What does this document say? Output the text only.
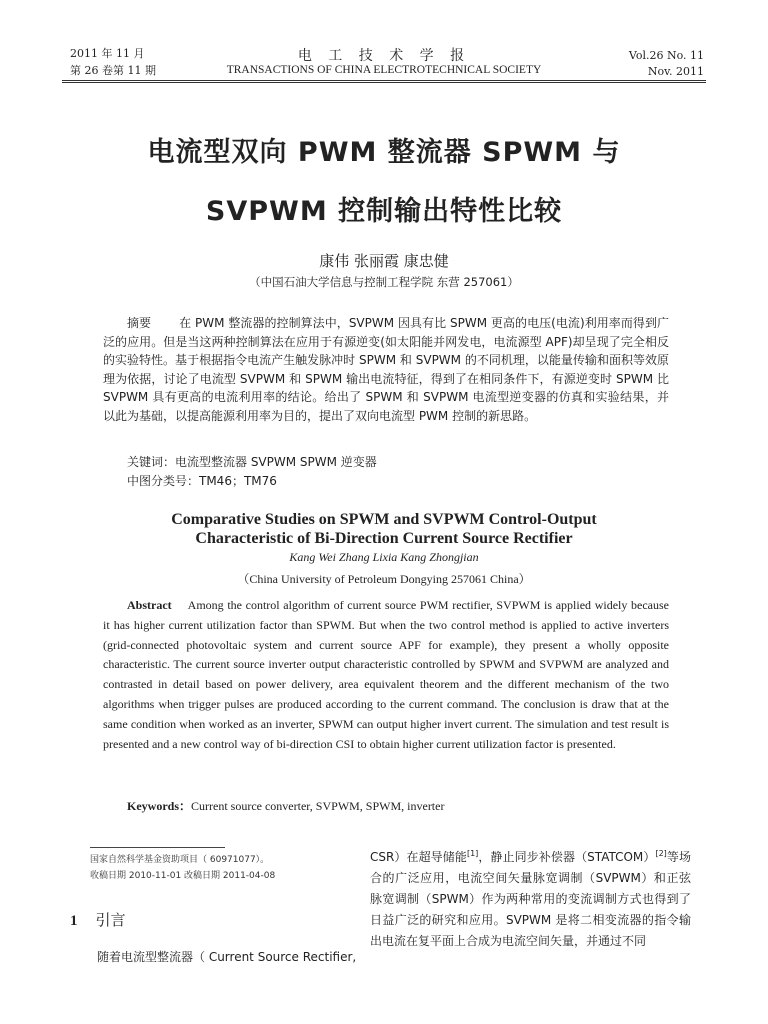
2011 年 11 月
第 26 卷第 11 期
电 工 技 术 学 报
TRANSACTIONS OF CHINA ELECTROTECHNICAL SOCIETY
Vol.26 No. 11
Nov. 2011
电流型双向 PWM 整流器 SPWM 与
SVPWM 控制输出特性比较
康伟 张丽霞 康忠健
（中国石油大学信息与控制工程学院 东营 257061）
摘要 在 PWM 整流器的控制算法中，SVPWM 因具有比 SPWM 更高的电压(电流)利用率而得到广泛的应用。但是当这两种控制算法在应用于有源逆变(如太阳能并网发电，电流源型 APF)却呈现了完全相反的实验特性。基于根据指令电流产生触发脉冲时 SPWM 和 SVPWM 的不同机理，以能量传输和面积等效原理为依据，讨论了电流型 SVPWM 和 SPWM 输出电流特征，得到了在相同条件下，有源逆变时 SPWM 比 SVPWM 具有更高的电流利用率的结论。给出了 SPWM 和 SVPWM 电流型逆变器的仿真和实验结果，并以此为基础，以提高能源利用率为目的，提出了双向电流型 PWM 控制的新思路。
关键词：电流型整流器 SVPWM SPWM 逆变器
中图分类号：TM46；TM76
Comparative Studies on SPWM and SVPWM Control-Output
Characteristic of Bi-Direction Current Source Rectifier
Kang Wei Zhang Lixia Kang Zhongjian
（China University of Petroleum Dongying 257061 China）
Abstract Among the control algorithm of current source PWM rectifier, SVPWM is applied widely because it has higher current utilization factor than SPWM. But when the two control method is applied to active inverters (grid-connected photovoltaic system and current source APF for example), they present a wholly opposite characteristic. The current source inverter output characteristic controlled by SPWM and SVPWM are analyzed and contrasted in detail based on power delivery, area equivalent theorem and the different mechanism of the two algorithms when trigger pulses are produced according to the current command. The conclusion is draw that at the same condition when worked as an inverter, SPWM can output higher invert current. The simulation and test result is presented and a new control way of bi-direction CSI to obtain higher current utilization factor is presented.
Keywords：Current source converter, SVPWM, SPWM, inverter
国家自然科学基金资助项目（ 60971077）。
收稿日期 2010-11-01 改稿日期 2011-04-08
1 引言
随着电流型整流器（ Current Source Rectifier,
CSR）在超导储能[1]，静止同步补偿器（STATCOM）[2]等场合的广泛应用，电流空间矢量脉宽调制（SVPWM）和正弦脉宽调制（SPWM）作为两种常用的变流调制方式也得到了日益广泛的研究和应用。SVPWM 是将二相变流器的指令输出电流在复平面上合成为电流空间矢量，并通过不同
